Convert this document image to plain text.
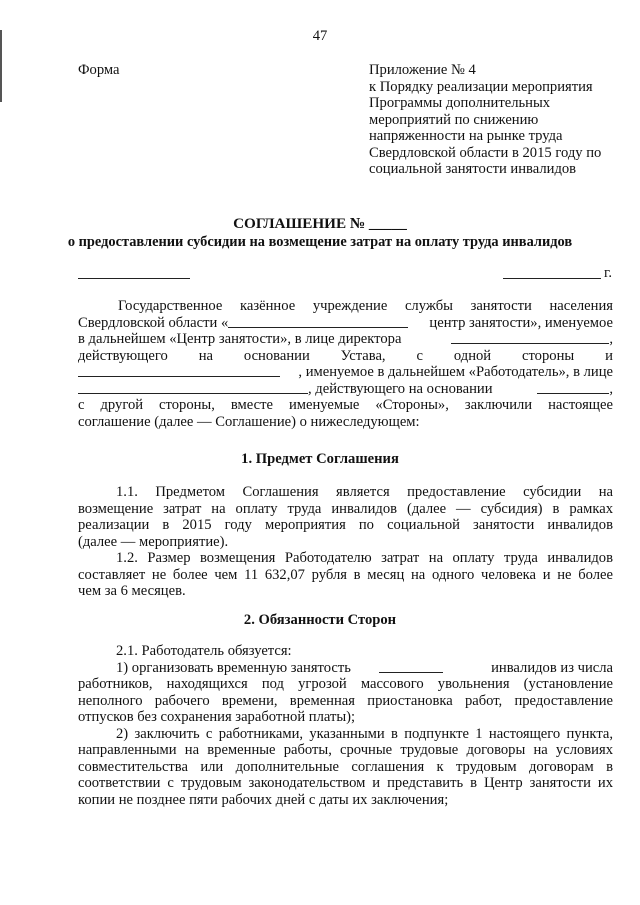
47
Форма	Приложение № 4
к Порядку реализации мероприятия
Программы дополнительных
мероприятий по снижению
напряженности на рынке труда
Свердловской области в 2015 году по
социальной занятости инвалидов
СОГЛАШЕНИЕ № _____
о предоставлении субсидии на возмещение затрат на оплату труда инвалидов
г.
Государственное казённое учреждение службы занятости населения
Свердловской области «	центр занятости», именуемое
в дальнейшем «Центр занятости», в лице директора	,
действующего на основании Устава, с одной стороны и
, именуемое в дальнейшем «Работодатель», в лице
, действующего на основании	,
с другой стороны, вместе именуемые «Стороны», заключили настоящее
соглашение (далее — Соглашение) о нижеследующем:
1. Предмет Соглашения
1.1. Предметом Соглашения является предоставление субсидии на
возмещение затрат на оплату труда инвалидов (далее — субсидия) в рамках
реализации в 2015 году мероприятия по социальной занятости инвалидов
(далее — мероприятие).
1.2. Размер возмещения Работодателю затрат на оплату труда инвалидов
составляет не более чем 11 632,07 рубля в месяц на одного человека и не более
чем за 6 месяцев.
2. Обязанности Сторон
2.1. Работодатель обязуется:
1) организовать временную занятость	инвалидов из числа
работников, находящихся под угрозой массового увольнения (установление
неполного рабочего времени, временная приостановка работ, предоставление
отпусков без сохранения заработной платы);
2) заключить с работниками, указанными в подпункте 1 настоящего пункта,
направленными на временные работы, срочные трудовые договоры на условиях
совместительства или дополнительные соглашения к трудовым договорам в
соответствии с трудовым законодательством и представить в Центр занятости их
копии не позднее пяти рабочих дней с даты их заключения;
